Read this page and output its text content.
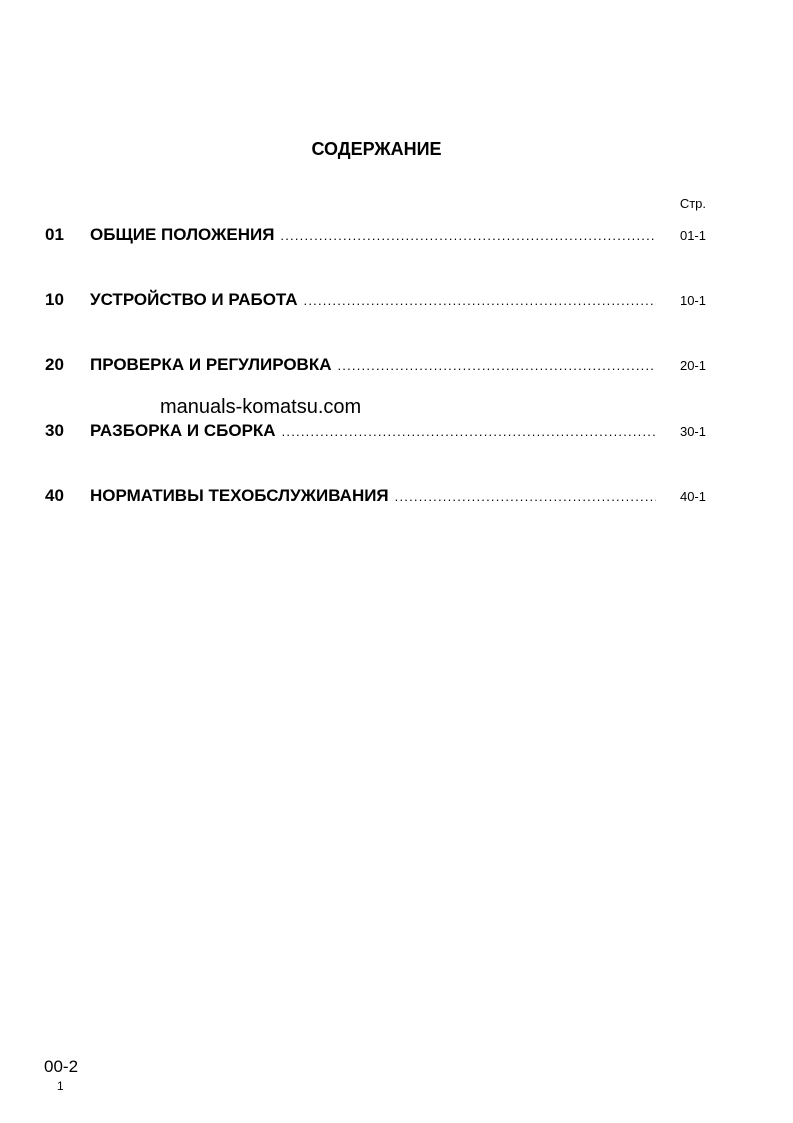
СОДЕРЖАНИЕ
Стр.
01	ОБЩИЕ ПОЛОЖЕНИЯ .....	01-1
10	УСТРОЙСТВО И РАБОТА .....	10-1
20	ПРОВЕРКА И РЕГУЛИРОВКА .....	20-1
30	РАЗБОРКА И СБОРКА .....	30-1
40	НОРМАТИВЫ ТЕХОБСЛУЖИВАНИЯ .....	40-1
manuals-komatsu.com
00-2
1
